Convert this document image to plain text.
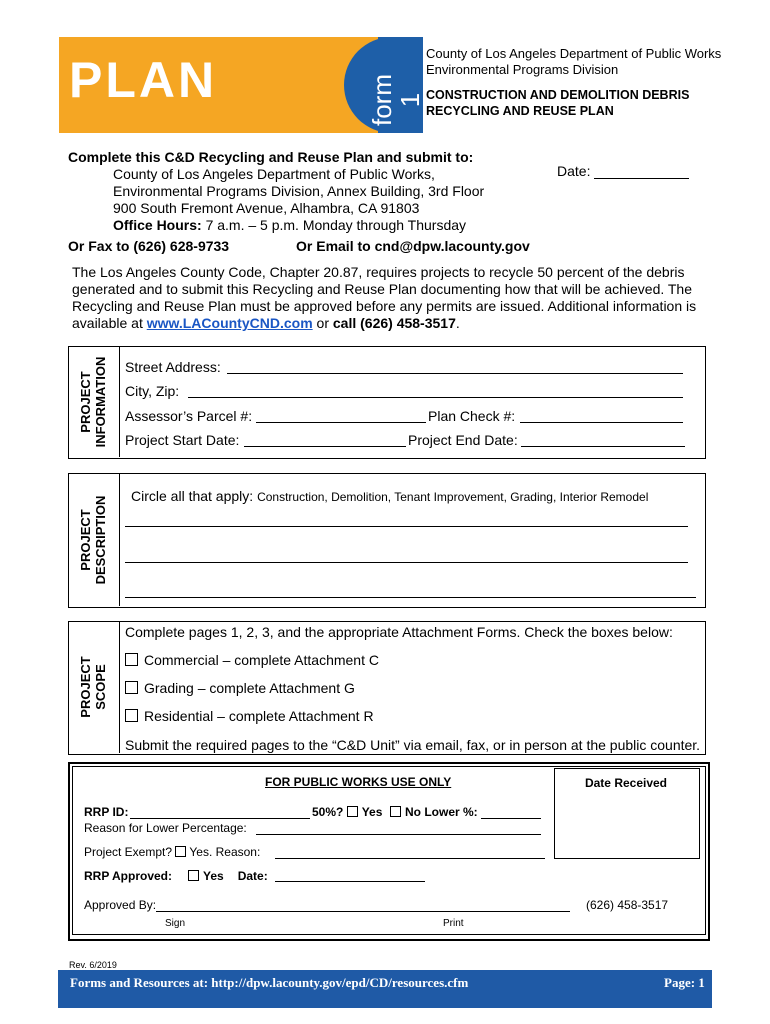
PLAN	form 1
County of Los Angeles Department of Public Works
Environmental Programs Division
CONSTRUCTION AND DEMOLITION DEBRIS
RECYCLING AND REUSE PLAN
Complete this C&D Recycling and Reuse Plan and submit to:
County of Los Angeles Department of Public Works,
Environmental Programs Division, Annex Building, 3rd Floor
900 South Fremont Avenue, Alhambra, CA 91803
Office Hours: 7 a.m. – 5 p.m. Monday through Thursday
Date:
Or Fax to (626) 628-9733	Or Email to cnd@dpw.lacounty.gov
The Los Angeles County Code, Chapter 20.87, requires projects to recycle 50 percent of the debris generated and to submit this Recycling and Reuse Plan documenting how that will be achieved. The Recycling and Reuse Plan must be approved before any permits are issued. Additional information is available at www.LACountyCND.com or call (626) 458-3517.
PROJECT INFORMATION Street Address:
City, Zip:
Assessor’s Parcel #:	Plan Check #:
Project Start Date:	Project End Date:
PROJECT DESCRIPTION Circle all that apply: Construction, Demolition, Tenant Improvement, Grading, Interior Remodel
PROJECT SCOPE
Complete pages 1, 2, 3, and the appropriate Attachment Forms. Check the boxes below:
Commercial – complete Attachment C
Grading – complete Attachment G
Residential – complete Attachment R
Submit the required pages to the “C&D Unit” via email, fax, or in person at the public counter.
FOR PUBLIC WORKS USE ONLY	Date Received
RRP ID:	50%? Yes	No Lower %:
Reason for Lower Percentage:
Project Exempt? Yes. Reason:
RRP Approved:	Yes Date:
Approved By:	(626) 458-3517
Sign	Print
Rev. 6/2019
Forms and Resources at: http://dpw.lacounty.gov/epd/CD/resources.cfm	Page: 1
